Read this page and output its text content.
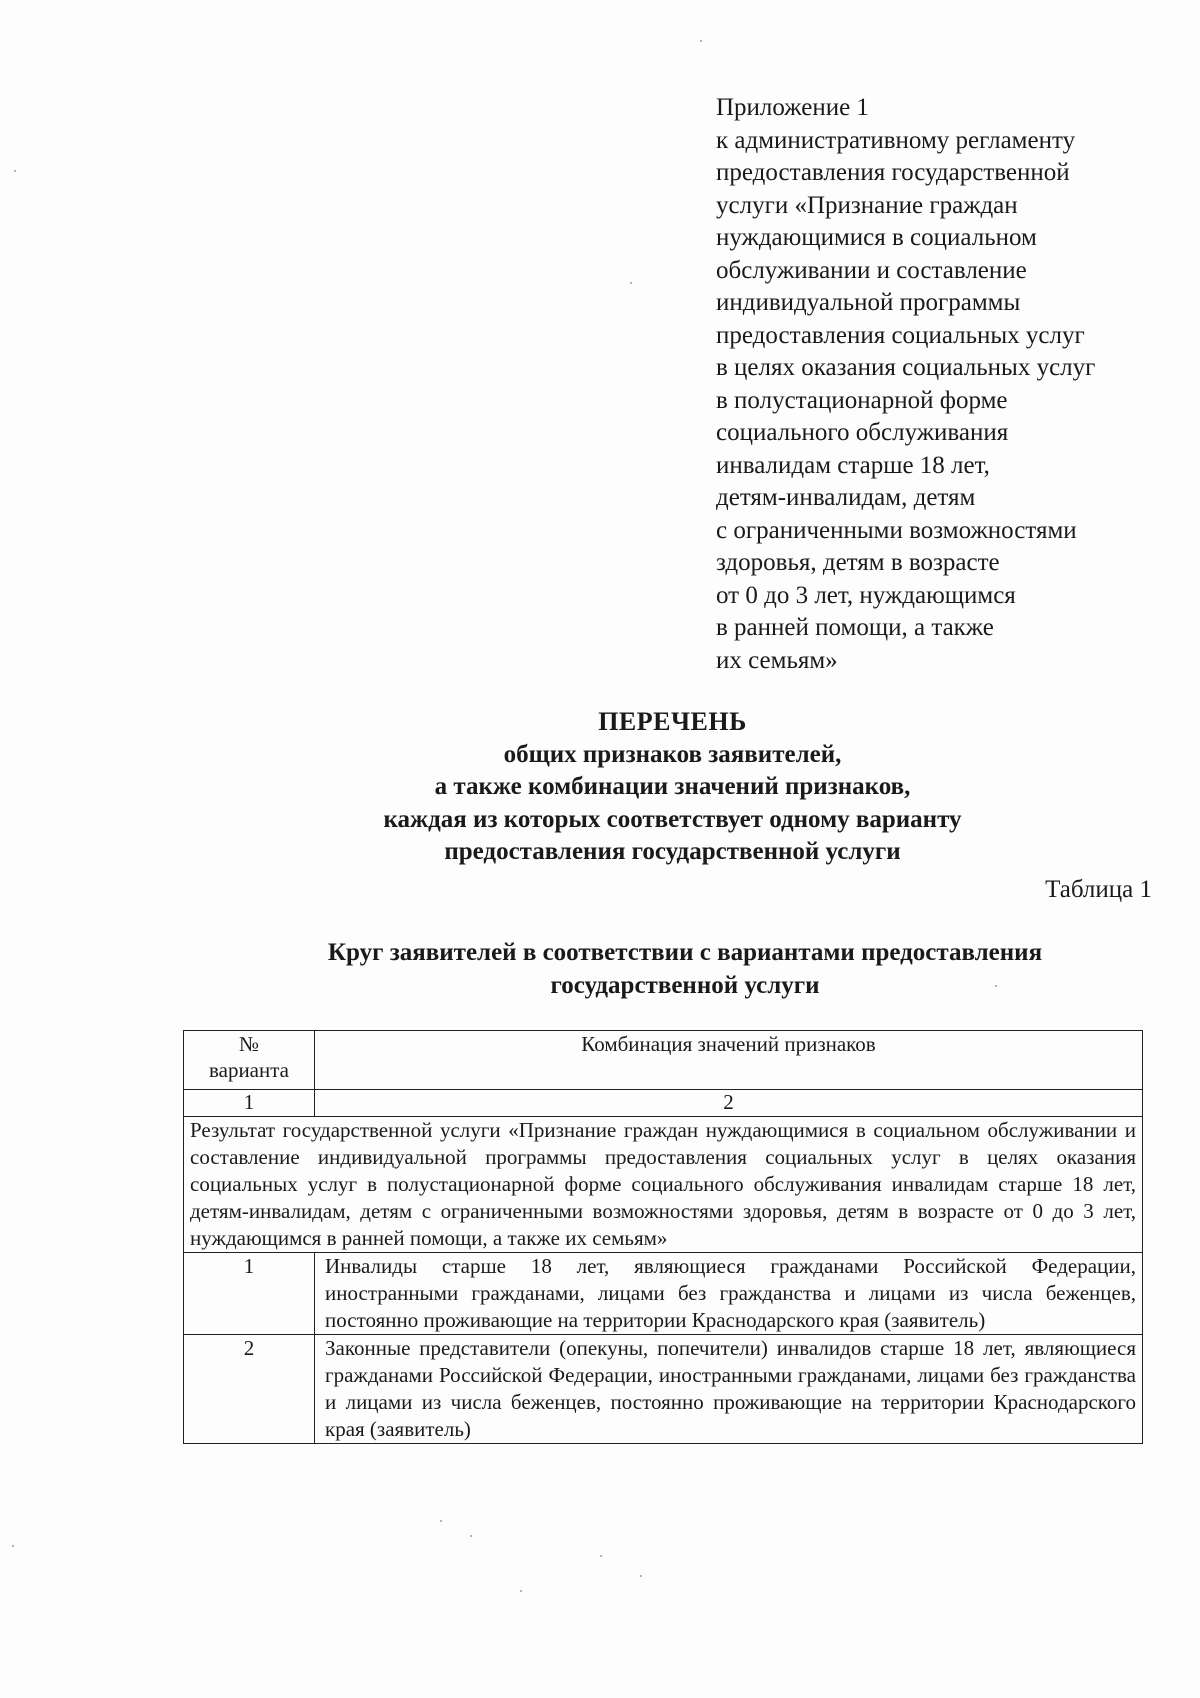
Приложение 1
к административному регламенту
предоставления государственной
услуги «Признание граждан
нуждающимися в социальном
обслуживании и составление
индивидуальной программы
предоставления социальных услуг
в целях оказания социальных услуг
в полустационарной форме
социального обслуживания
инвалидам старше 18 лет,
детям-инвалидам, детям
с ограниченными возможностями
здоровья, детям в возрасте
от 0 до 3 лет, нуждающимся
в ранней помощи, а также
их семьям»
ПЕРЕЧЕНЬ
общих признаков заявителей,
а также комбинации значений признаков,
каждая из которых соответствует одному варианту
предоставления государственной услуги
Таблица 1
Круг заявителей в соответствии с вариантами предоставления
государственной услуги
№
варианта	Комбинация значений признаков
1	2
Результат государственной услуги «Признание граждан нуждающимися в социальном обслуживании и составление индивидуальной программы предоставления социальных услуг в целях оказания социальных услуг в полустационарной форме социального обслуживания инвалидам старше 18 лет, детям-инвалидам, детям с ограниченными возможностями здоровья, детям в возрасте от 0 до 3 лет, нуждающимся в ранней помощи, а также их семьям»	
1	Инвалиды старше 18 лет, являющиеся гражданами Российской Федерации, иностранными гражданами, лицами без гражданства и лицами из числа беженцев, постоянно проживающие на территории Краснодарского края (заявитель)
2	Законные представители (опекуны, попечители) инвалидов старше 18 лет, являющиеся гражданами Российской Федерации, иностранными гражданами, лицами без гражданства и лицами из числа беженцев, постоянно проживающие на территории Краснодарского края (заявитель)
